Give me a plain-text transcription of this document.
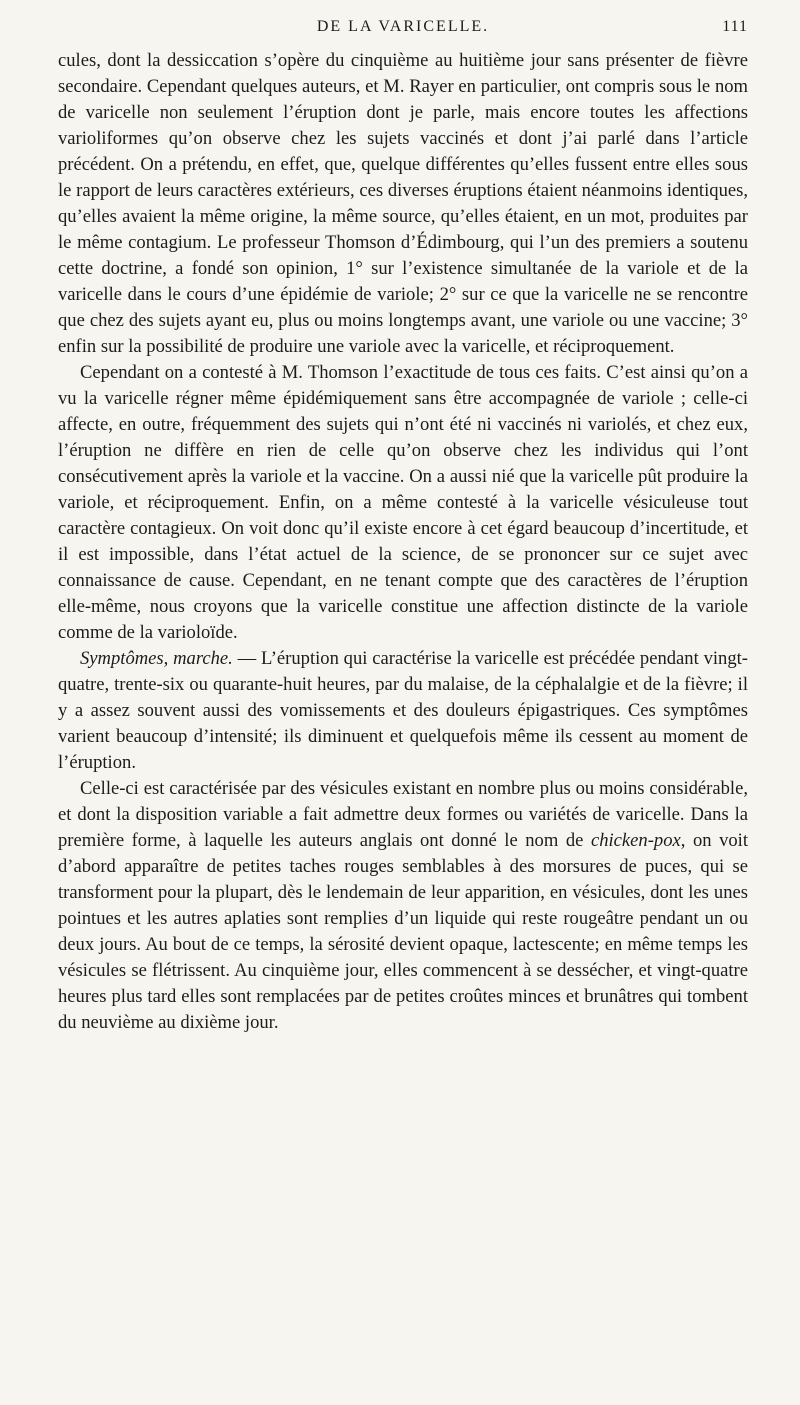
DE LA VARICELLE.	111

cules, dont la dessiccation s’opère du cinquième au huitième jour sans présenter de fièvre secondaire. Cependant quelques auteurs, et M. Rayer en particulier, ont compris sous le nom de varicelle non seulement l’éruption dont je parle, mais encore toutes les affections varioliformes qu’on observe chez les sujets vaccinés et dont j’ai parlé dans l’article précédent. On a prétendu, en effet, que, quelque différentes qu’elles fussent entre elles sous le rapport de leurs caractères extérieurs, ces diverses éruptions étaient néanmoins identiques, qu’elles avaient la même origine, la même source, qu’elles étaient, en un mot, produites par le même contagium. Le professeur Thomson d’Édimbourg, qui l’un des premiers a soutenu cette doctrine, a fondé son opinion, 1° sur l’existence simultanée de la variole et de la varicelle dans le cours d’une épidémie de variole; 2° sur ce que la varicelle ne se rencontre que chez des sujets ayant eu, plus ou moins longtemps avant, une variole ou une vaccine; 3° enfin sur la possibilité de produire une variole avec la varicelle, et réciproquement.

Cependant on a contesté à M. Thomson l’exactitude de tous ces faits. C’est ainsi qu’on a vu la varicelle régner même épidémiquement sans être accompagnée de variole ; celle-ci affecte, en outre, fréquemment des sujets qui n’ont été ni vaccinés ni variolés, et chez eux, l’éruption ne diffère en rien de celle qu’on observe chez les individus qui l’ont consécutivement après la variole et la vaccine. On a aussi nié que la varicelle pût produire la variole, et réciproquement. Enfin, on a même contesté à la varicelle vésiculeuse tout caractère contagieux. On voit donc qu’il existe encore à cet égard beaucoup d’incertitude, et il est impossible, dans l’état actuel de la science, de se prononcer sur ce sujet avec connaissance de cause. Cependant, en ne tenant compte que des caractères de l’éruption elle-même, nous croyons que la varicelle constitue une affection distincte de la variole comme de la varioloïde.

Symptômes, marche. — L’éruption qui caractérise la varicelle est précédée pendant vingt-quatre, trente-six ou quarante-huit heures, par du malaise, de la céphalalgie et de la fièvre; il y a assez souvent aussi des vomissements et des douleurs épigastriques. Ces symptômes varient beaucoup d’intensité; ils diminuent et quelquefois même ils cessent au moment de l’éruption.

Celle-ci est caractérisée par des vésicules existant en nombre plus ou moins considérable, et dont la disposition variable a fait admettre deux formes ou variétés de varicelle. Dans la première forme, à laquelle les auteurs anglais ont donné le nom de chicken-pox, on voit d’abord apparaître de petites taches rouges semblables à des morsures de puces, qui se transforment pour la plupart, dès le lendemain de leur apparition, en vésicules, dont les unes pointues et les autres aplaties sont remplies d’un liquide qui reste rougeâtre pendant un ou deux jours. Au bout de ce temps, la sérosité devient opaque, lactescente; en même temps les vésicules se flétrissent. Au cinquième jour, elles commencent à se dessécher, et vingt-quatre heures plus tard elles sont remplacées par de petites croûtes minces et brunâtres qui tombent du neuvième au dixième jour.
